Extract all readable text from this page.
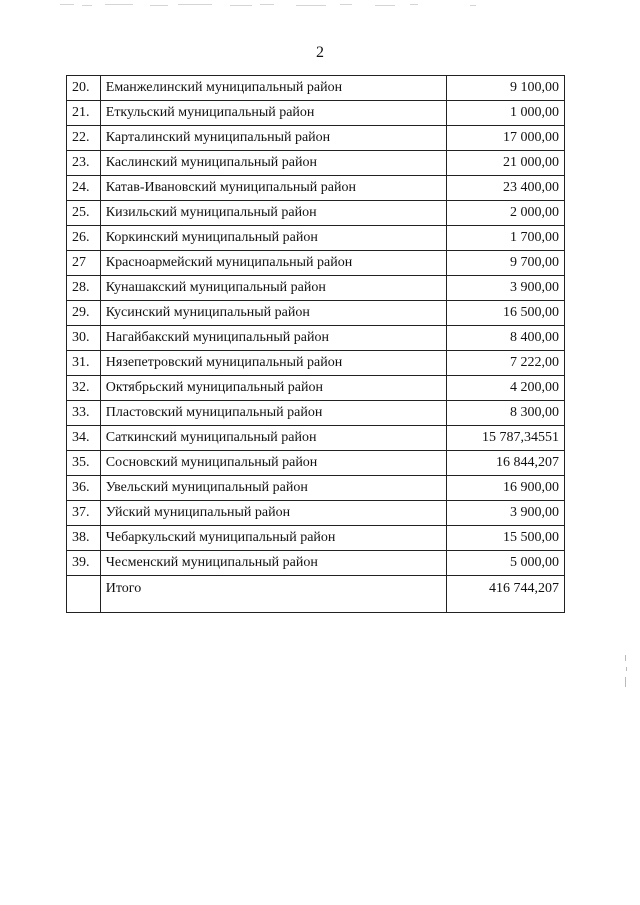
2
20.	Еманжелинский муниципальный район	9 100,00
21.	Еткульский муниципальный район	1 000,00
22.	Карталинский муниципальный район	17 000,00
23.	Каслинский муниципальный район	21 000,00
24.	Катав-Ивановский муниципальный район	23 400,00
25.	Кизильский муниципальный район	2 000,00
26.	Коркинский муниципальный район	1 700,00
27	Красноармейский муниципальный район	9 700,00
28.	Кунашакский муниципальный район	3 900,00
29.	Кусинский муниципальный район	16 500,00
30.	Нагайбакский муниципальный район	8 400,00
31.	Нязепетровский муниципальный район	7 222,00
32.	Октябрьский муниципальный район	4 200,00
33.	Пластовский муниципальный район	8 300,00
34.	Саткинский муниципальный район	15 787,34551
35.	Сосновский муниципальный район	16 844,207
36.	Увельский муниципальный район	16 900,00
37.	Уйский муниципальный район	3 900,00
38.	Чебаркульский муниципальный район	15 500,00
39.	Чесменский муниципальный район	5 000,00
	Итого	416 744,207
